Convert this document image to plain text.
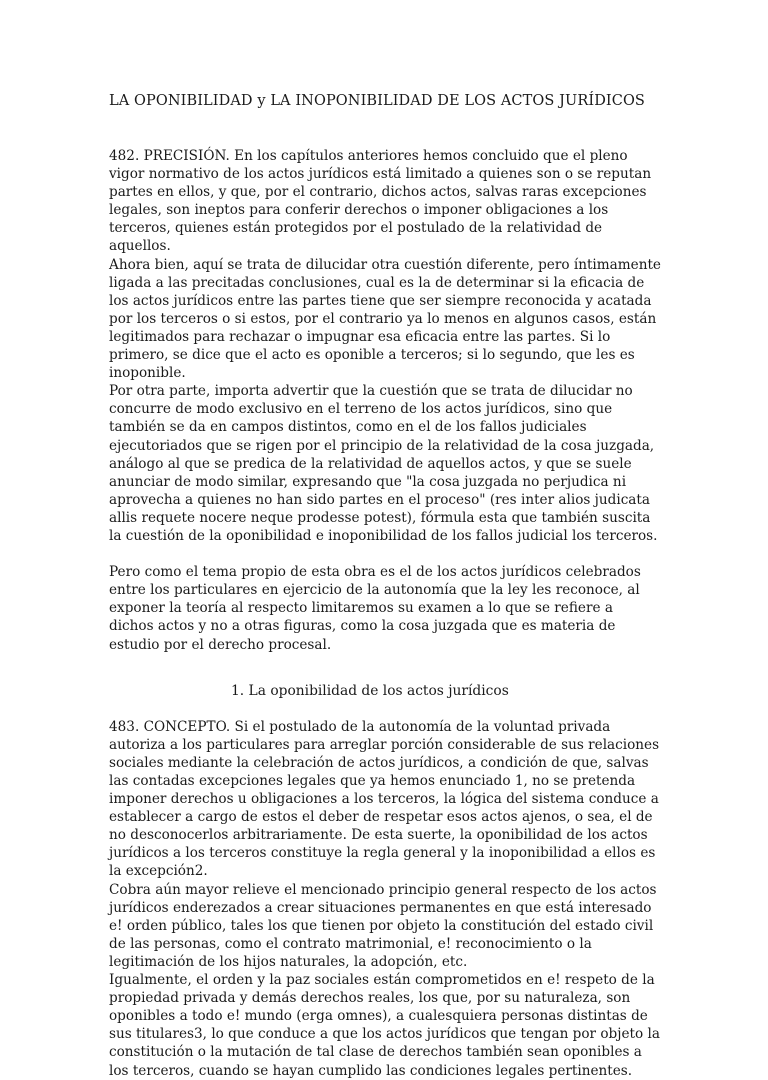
LA OPONIBILIDAD y LA INOPONIBILIDAD DE LOS ACTOS JURÍDICOS

482. PRECISIÓN. En los capítulos anteriores hemos concluido que el pleno vigor normativo de los actos jurídicos está limitado a quienes son o se reputan partes en ellos, y que, por el contrario, dichos actos, salvas raras excepciones legales, son ineptos para conferir derechos o imponer obligaciones a los terceros, quienes están protegidos por el postulado de la relatividad de aquellos.

Ahora bien, aquí se trata de dilucidar otra cuestión diferente, pero íntimamente ligada a las precitadas conclusiones, cual es la de determinar si la eficacia de los actos jurídicos entre las partes tiene que ser siempre reconocida y acatada por los terceros o si estos, por el contrario ya lo menos en algunos casos, están legitimados para rechazar o impugnar esa eficacia entre las partes. Si lo primero, se dice que el acto es oponible a terceros; si lo segundo, que les es inoponible.

Por otra parte, importa advertir que la cuestión que se trata de dilucidar no concurre de modo exclusivo en el terreno de los actos jurídicos, sino que también se da en campos distintos, como en el de los fallos judiciales ejecutoriados que se rigen por el principio de la relatividad de la cosa juzgada, análogo al que se predica de la relatividad de aquellos actos, y que se suele anunciar de modo similar, expresando que "la cosa juzgada no perjudica ni aprovecha a quienes no han sido partes en el proceso" (res inter alios judicata allis requete nocere neque prodesse potest), fórmula esta que también suscita la cuestión de la oponibilidad e inoponibilidad de los fallos judicial los terceros.

Pero como el tema propio de esta obra es el de los actos jurídicos celebrados entre los particulares en ejercicio de la autonomía que la ley les reconoce, al exponer la teoría al respecto limitaremos su examen a lo que se refiere a dichos actos y no a otras figuras, como la cosa juzgada que es materia de estudio por el derecho procesal.

1. La oponibilidad de los actos jurídicos

483. CONCEPTO. Si el postulado de la autonomía de la voluntad privada autoriza a los particulares para arreglar porción considerable de sus relaciones sociales mediante la celebración de actos jurídicos, a condición de que, salvas las contadas excepciones legales que ya hemos enunciado 1, no se pretenda imponer derechos u obligaciones a los terceros, la lógica del sistema conduce a establecer a cargo de estos el deber de respetar esos actos ajenos, o sea, el de no desconocerlos arbitrariamente. De esta suerte, la oponibilidad de los actos jurídicos a los terceros constituye la regla general y la inoponibilidad a ellos es la excepción2.

Cobra aún mayor relieve el mencionado principio general respecto de los actos jurídicos enderezados a crear situaciones permanentes en que está interesado e! orden público, tales los que tienen por objeto la constitución del estado civil de las personas, como el contrato matrimonial, e! reconocimiento o la legitimación de los hijos naturales, la adopción, etc.

Igualmente, el orden y la paz sociales están comprometidos en e! respeto de la propiedad privada y demás derechos reales, los que, por su naturaleza, son oponibles a todo e! mundo (erga omnes), a cualesquiera personas distintas de sus titulares3, lo que conduce a que los actos jurídicos que tengan por objeto la constitución o la mutación de tal clase de derechos también sean oponibles a los terceros, cuando se hayan cumplido las condiciones legales pertinentes.
